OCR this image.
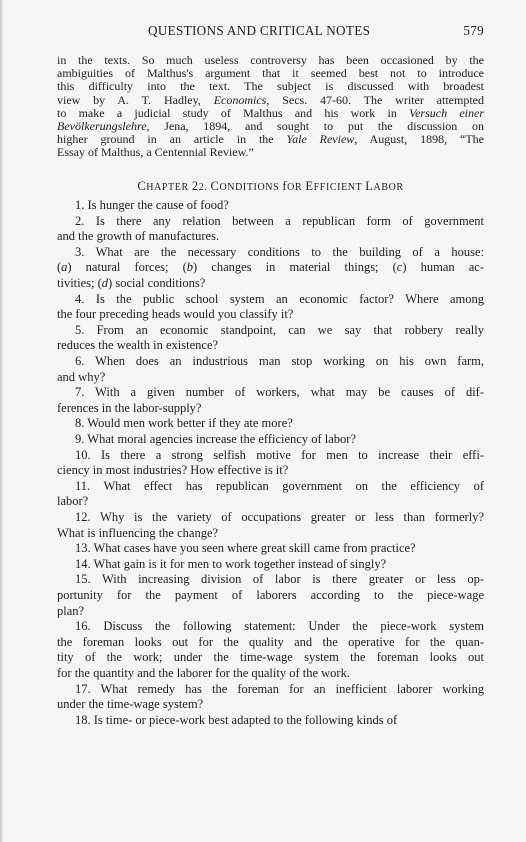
QUESTIONS AND CRITICAL NOTES	579
in the texts. So much useless controversy has been occasioned by the
ambiguities of Malthus's argument that it seemed best not to introduce
this difficulty into the text. The subject is discussed with broadest
view by A. T. Hadley, Economics, Secs. 47-60. The writer attempted
to make a judicial study of Malthus and his work in Versuch einer
Bevölkerungslehre, Jena, 1894, and sought to put the discussion on
higher ground in an article in the Yale Review, August, 1898, “The
Essay of Malthus, a Centennial Review.”
CHAPTER 22. CONDITIONS fOR EFFICIENT LABOR
1. Is hunger the cause of food?
2. Is there any relation between a republican form of government
and the growth of manufactures.
3. What are the necessary conditions to the building of a house:
(a) natural forces; (b) changes in material things; (c) human ac-
tivities; (d) social conditions?
4. Is the public school system an economic factor? Where among
the four preceding heads would you classify it?
5. From an economic standpoint, can we say that robbery really
reduces the wealth in existence?
6. When does an industrious man stop working on his own farm,
and why?
7. With a given number of workers, what may be causes of dif-
ferences in the labor-supply?
8. Would men work better if they ate more?
9. What moral agencies increase the efficiency of labor?
10. Is there a strong selfish motive for men to increase their effi-
ciency in most industries? How effective is it?
11. What effect has republican government on the efficiency of
labor?
12. Why is the variety of occupations greater or less than formerly?
What is influencing the change?
13. What cases have you seen where great skill came from practice?
14. What gain is it for men to work together instead of singly?
15. With increasing division of labor is there greater or less op-
portunity for the payment of laborers according to the piece-wage
plan?
16. Discuss the following statement: Under the piece-work system
the foreman looks out for the quality and the operative for the quan-
tity of the work; under the time-wage system the foreman looks out
for the quantity and the laborer for the quality of the work.
17. What remedy has the foreman for an inefficient laborer working
under the time-wage system?
18. Is time- or piece-work best adapted to the following kinds of
